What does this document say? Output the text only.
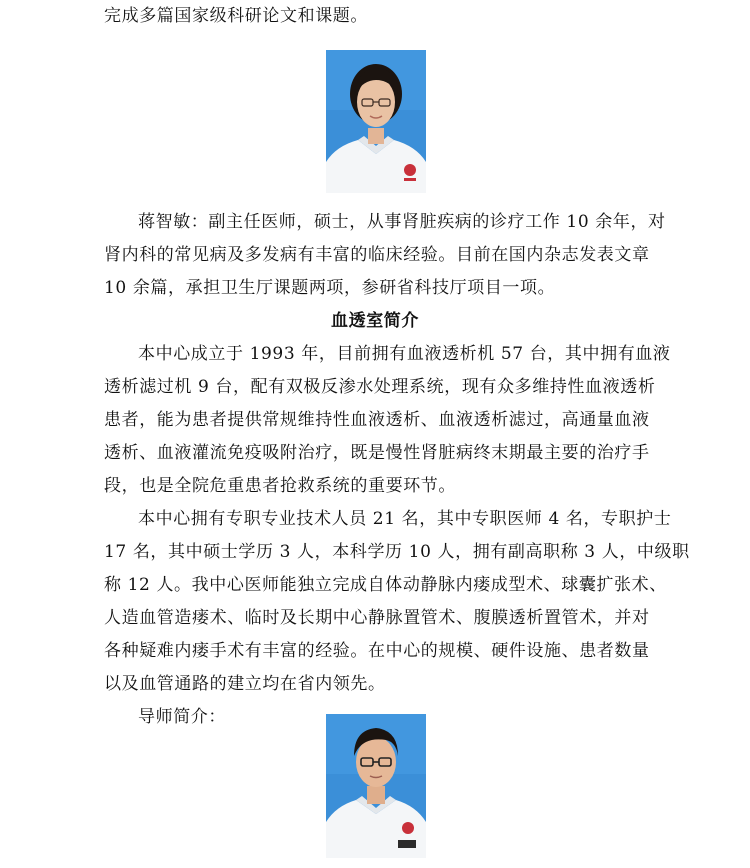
完成多篇国家级科研论文和课题。
蒋智敏：副主任医师，硕士，从事肾脏疾病的诊疗工作 10 余年，对
肾内科的常见病及多发病有丰富的临床经验。目前在国内杂志发表文章
10 余篇，承担卫生厅课题两项，参研省科技厅项目一项。
血透室简介
本中心成立于 1993 年，目前拥有血液透析机 57 台，其中拥有血液
透析滤过机 9 台，配有双极反渗水处理系统，现有众多维持性血液透析
患者，能为患者提供常规维持性血液透析、血液透析滤过，高通量血液
透析、血液灌流免疫吸附治疗，既是慢性肾脏病终末期最主要的治疗手
段，也是全院危重患者抢救系统的重要环节。
本中心拥有专职专业技术人员 21 名，其中专职医师 4 名，专职护士
17 名，其中硕士学历 3 人，本科学历 10 人，拥有副高职称 3 人，中级职
称 12 人。我中心医师能独立完成自体动静脉内瘘成型术、球囊扩张术、
人造血管造瘘术、临时及长期中心静脉置管术、腹膜透析置管术，并对
各种疑难内瘘手术有丰富的经验。在中心的规模、硬件设施、患者数量
以及血管通路的建立均在省内领先。
导师简介：
